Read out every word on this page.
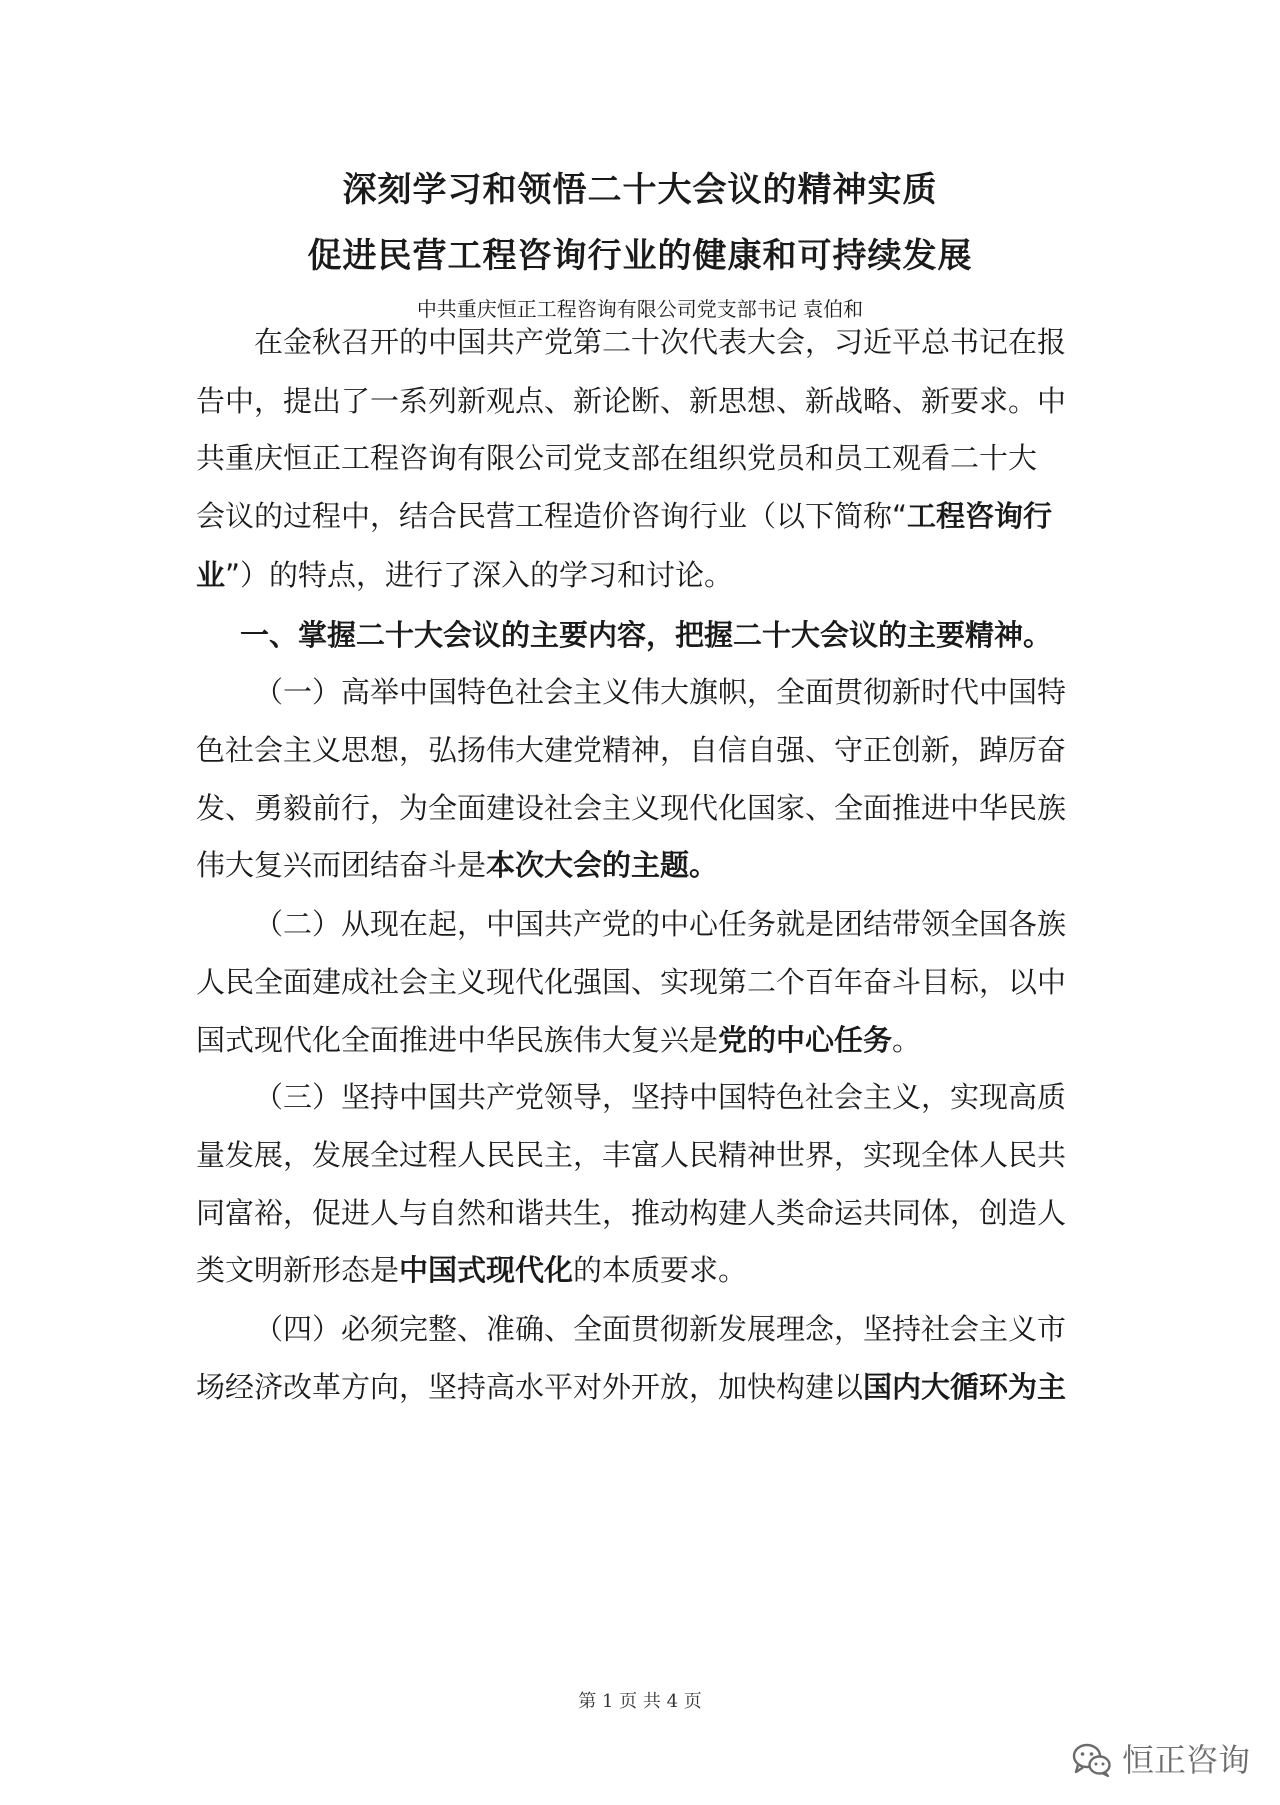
深刻学习和领悟二十大会议的精神实质
促进民营工程咨询行业的健康和可持续发展
中共重庆恒正工程咨询有限公司党支部书记 袁伯和
在金秋召开的中国共产党第二十次代表大会，习近平总书记在报
告中，提出了一系列新观点、新论断、新思想、新战略、新要求。中
共重庆恒正工程咨询有限公司党支部在组织党员和员工观看二十大
会议的过程中，结合民营工程造价咨询行业（以下简称“工程咨询行
业”）的特点，进行了深入的学习和讨论。
一、掌握二十大会议的主要内容，把握二十大会议的主要精神。
（一）高举中国特色社会主义伟大旗帜，全面贯彻新时代中国特
色社会主义思想，弘扬伟大建党精神，自信自强、守正创新，踔厉奋
发、勇毅前行，为全面建设社会主义现代化国家、全面推进中华民族
伟大复兴而团结奋斗是本次大会的主题。
（二）从现在起，中国共产党的中心任务就是团结带领全国各族
人民全面建成社会主义现代化强国、实现第二个百年奋斗目标，以中
国式现代化全面推进中华民族伟大复兴是党的中心任务。
（三）坚持中国共产党领导，坚持中国特色社会主义，实现高质
量发展，发展全过程人民民主，丰富人民精神世界，实现全体人民共
同富裕，促进人与自然和谐共生，推动构建人类命运共同体，创造人
类文明新形态是中国式现代化的本质要求。
（四）必须完整、准确、全面贯彻新发展理念，坚持社会主义市
场经济改革方向，坚持高水平对外开放，加快构建以国内大循环为主
第 1 页 共 4 页
恒正咨询
